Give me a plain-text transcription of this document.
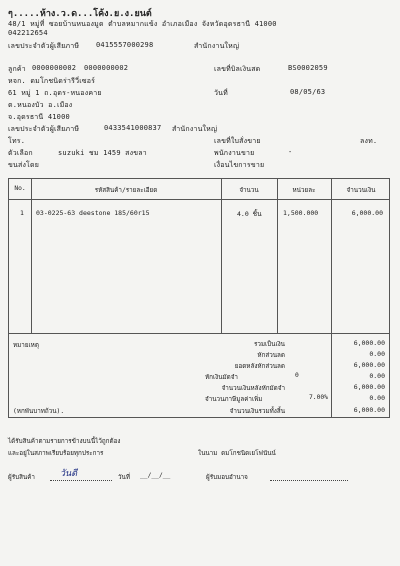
ๆ.....ห้าง.ว.ด...โค้ง.ย.ง.ยนต์
48/1 หมู่ที่ ซอยบ้านหนองมูด ตำบลหมากแข้ง อำเภอเมือง จังหวัดอุดรธานี 41000
042212654
เลขประจำตัวผู้เสียภาษี 0415557000298	สำนักงานใหญ่
ลูกค้า 0000000002 0000000002
หจก. ดมโกชนิดร่ารีวี่เซอร์
61 หมู่ 1 ถ.อุดร-หนองคาย
ต.หนองบัว อ.เมือง
จ.อุดรธานี 41000
เลขประจำตัวผู้เสียภาษี	0433541000837 สำนักงานใหญ่
โทร.
ตัวเลือก	suzuki ชม 1459 สงขลา
ขนส่งโดย
เลขที่บิลเงินสด	BS0002059
วันที่	08/05/63
เลขที่ใบสั่งขาย	ลงท.
พนักงานขาย	-
เงื่อนไขการขาย
No.	รหัสสินค้า/รายละเอียด	จำนวน	หน่วยละ	จำนวนเงิน
1 03-0225-63 deestone 185/60r15	4.0 ชิ้น	1,500.000	6,000.00
หมายเหตุ	รวมเป็นเงิน	6,000.00
หักส่วนลด	0.00
ยอดหลังหักส่วนลด	6,000.00
หักเงินมัดจำ	0	0.00
จำนวนเงินหลังหักมัดจำ	6,000.00
จำนวนภาษีมูลค่าเพิ่ม	7.00%	0.00
(หกพันบาทถ้วน).	จำนวนเงินรวมทั้งสิ้น	6,000.00
ได้รับสินค้าตามรายการข้างบนนี้ไว้ถูกต้อง
และอยู่ในสภาพเรียบร้อยทุกประการ	ในนาม ดมโกชนิดเยโฟนันน์
ผู้รับสินค้า	วันดี	วันที่ __/__/__	ผู้รับมอบอำนาจ
